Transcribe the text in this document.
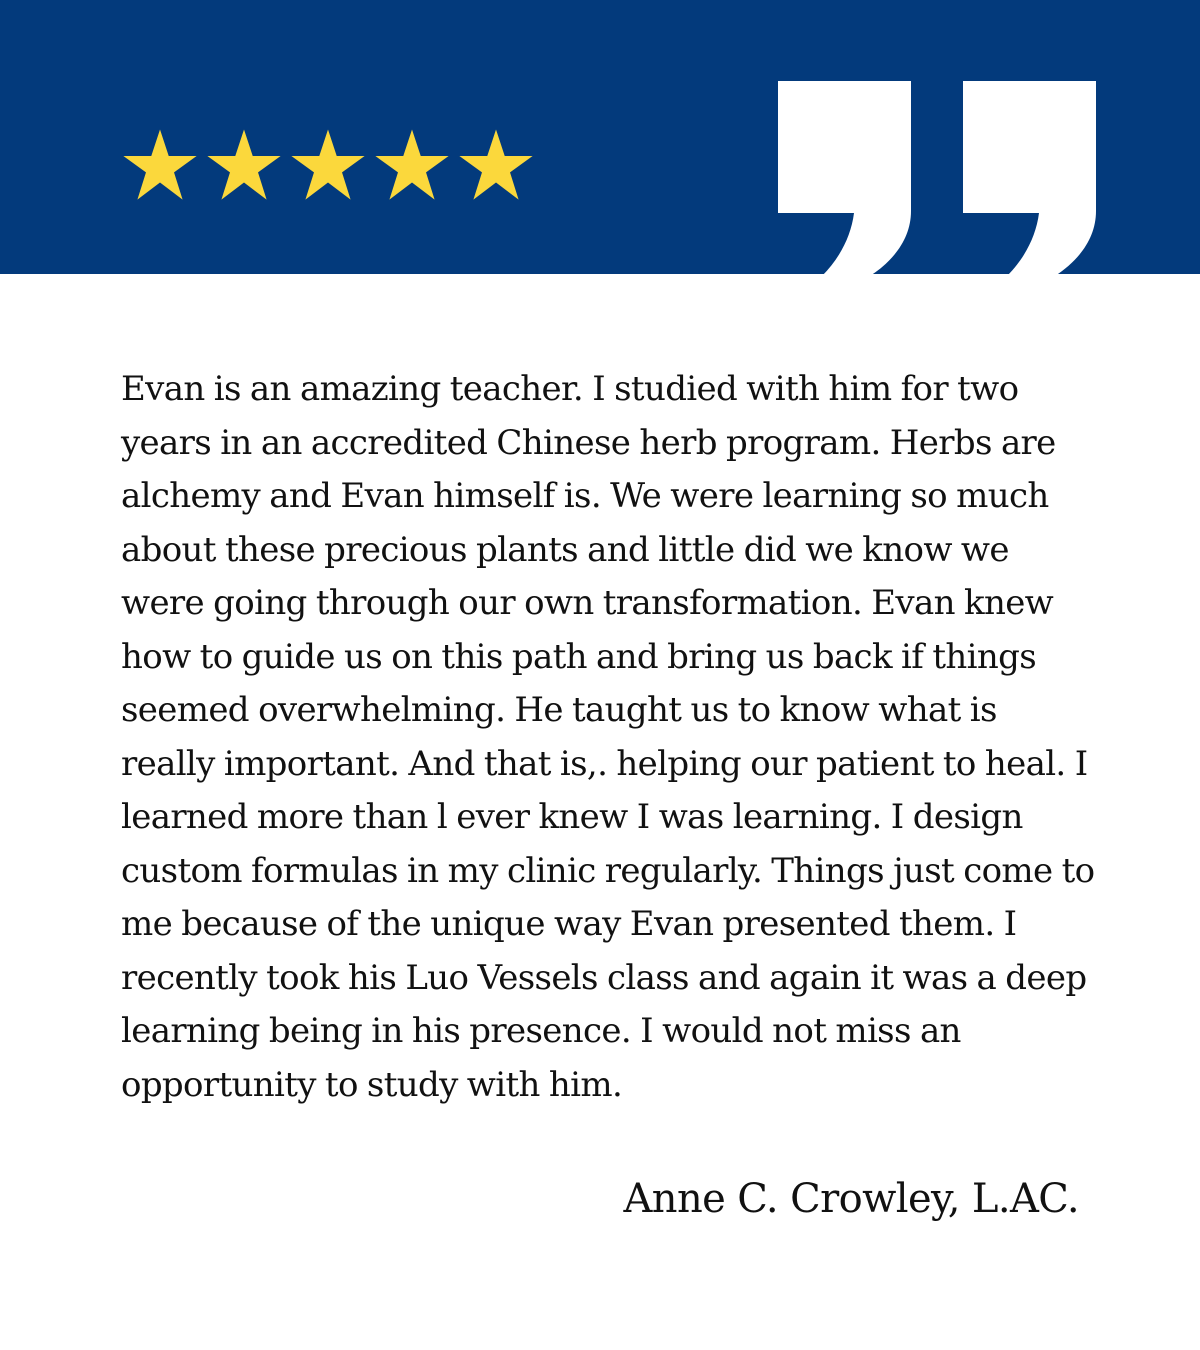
Evan is an amazing teacher. I studied with him for two years in an accredited Chinese herb program. Herbs are alchemy and Evan himself is. We were learning so much about these precious plants and little did we know we were going through our own transformation. Evan knew how to guide us on this path and bring us back if things seemed overwhelming. He taught us to know what is really important. And that is,. helping our patient to heal. I learned more than l ever knew I was learning. I design custom formulas in my clinic regularly. Things just come to me because of the unique way Evan presented them. I recently took his Luo Vessels class and again it was a deep learning being in his presence. I would not miss an opportunity to study with him.

Anne C. Crowley, L.AC.
